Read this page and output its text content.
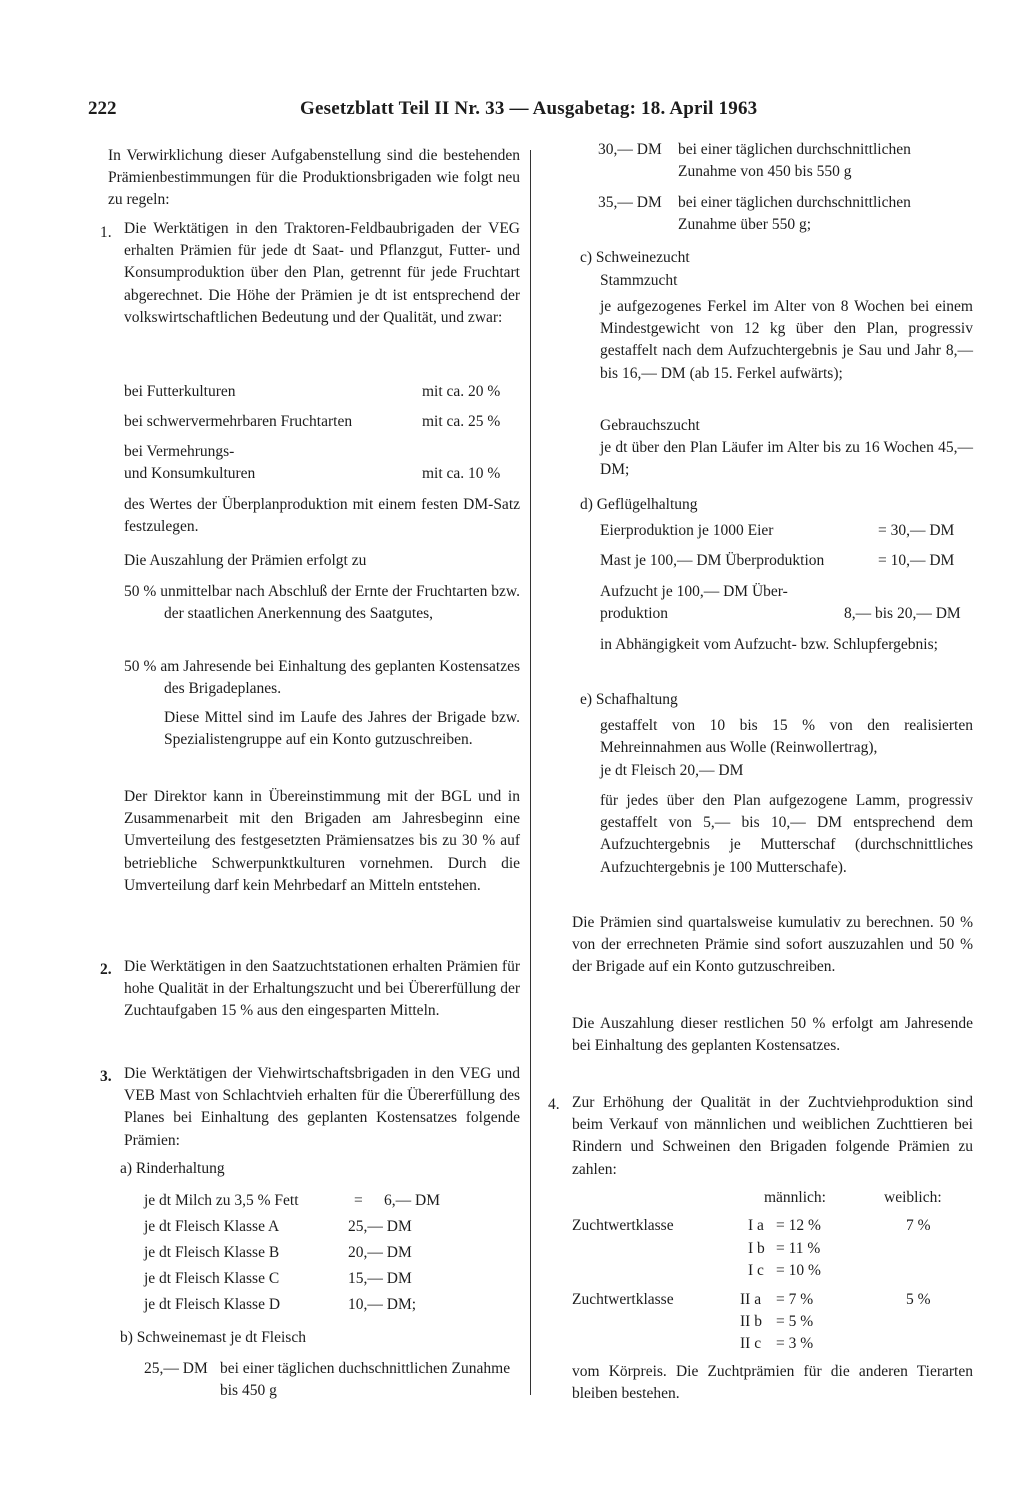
222	Gesetzblatt Teil II Nr. 33 — Ausgabetag: 18. April 1963
In Verwirklichung dieser Aufgabenstellung sind die bestehenden Prämienbestimmungen für die Produktionsbrigaden wie folgt neu zu regeln:
1. Die Werktätigen in den Traktoren-Feldbaubrigaden der VEG erhalten Prämien für jede dt Saat- und Pflanzgut, Futter- und Konsumproduktion über den Plan, getrennt für jede Fruchtart abgerechnet. Die Höhe der Prämien je dt ist entsprechend der volkswirtschaftlichen Bedeutung und der Qualität, und zwar:
bei Futterkulturen	mit ca. 20 %
bei schwervermehrbaren Fruchtarten	mit ca. 25 %
bei Vermehrungs-
und Konsumkulturen	mit ca. 10 %
des Wertes der Überplanproduktion mit einem festen DM-Satz festzulegen.
Die Auszahlung der Prämien erfolgt zu
50 % unmittelbar nach Abschluß der Ernte der Fruchtarten bzw. der staatlichen Anerkennung des Saatgutes,
50 % am Jahresende bei Einhaltung des geplanten Kostensatzes des Brigadeplanes.
Diese Mittel sind im Laufe des Jahres der Brigade bzw. Spezialistengruppe auf ein Konto gutzuschreiben.
Der Direktor kann in Übereinstimmung mit der BGL und in Zusammenarbeit mit den Brigaden am Jahresbeginn eine Umverteilung des festgesetzten Prämiensatzes bis zu 30 % auf betriebliche Schwerpunktkulturen vornehmen. Durch die Umverteilung darf kein Mehrbedarf an Mitteln entstehen.
2. Die Werktätigen in den Saatzuchtstationen erhalten Prämien für hohe Qualität in der Erhaltungszucht und bei Übererfüllung der Zuchtaufgaben 15 % aus den eingesparten Mitteln.
3. Die Werktätigen der Viehwirtschaftsbrigaden in den VEG und VEB Mast von Schlachtvieh erhalten für die Übererfüllung des Planes bei Einhaltung des geplanten Kostensatzes folgende Prämien:
a) Rinderhaltung
je dt Milch zu 3,5 % Fett	= 6,— DM
je dt Fleisch Klasse A	25,— DM
je dt Fleisch Klasse B	20,— DM
je dt Fleisch Klasse C	15,— DM
je dt Fleisch Klasse D	10,— DM;
b) Schweinemast je dt Fleisch
25,— DM bei einer täglichen duchschnittlichen Zunahme bis 450 g
30,— DM bei einer täglichen durchschnittlichen Zunahme von 450 bis 550 g
35,— DM bei einer täglichen durchschnittlichen Zunahme über 550 g;
c) Schweinezucht
Stammzucht
je aufgezogenes Ferkel im Alter von 8 Wochen bei einem Mindestgewicht von 12 kg über den Plan, progressiv gestaffelt nach dem Aufzuchtergebnis je Sau und Jahr 8,— bis 16,— DM (ab 15. Ferkel aufwärts);
Gebrauchszucht
je dt über den Plan Läufer im Alter bis zu 16 Wochen 45,— DM;
d) Geflügelhaltung
Eierproduktion je 1000 Eier	= 30,— DM
Mast je 100,— DM Überproduktion	= 10,— DM
Aufzucht je 100,— DM Über-
produktion	8,— bis 20,— DM
in Abhängigkeit vom Aufzucht- bzw. Schlupfergebnis;
e) Schafhaltung
gestaffelt von 10 bis 15 % von den realisierten Mehreinnahmen aus Wolle (Reinwollertrag),
je dt Fleisch 20,— DM
für jedes über den Plan aufgezogene Lamm, progressiv gestaffelt von 5,— bis 10,— DM entsprechend dem Aufzuchtergebnis je Mutterschaf (durchschnittliches Aufzuchtergebnis je 100 Mutterschafe).
Die Prämien sind quartalsweise kumulativ zu berechnen. 50 % von der errechneten Prämie sind sofort auszuzahlen und 50 % der Brigade auf ein Konto gutzuschreiben.
Die Auszahlung dieser restlichen 50 % erfolgt am Jahresende bei Einhaltung des geplanten Kostensatzes.
4. Zur Erhöhung der Qualität in der Zuchtviehproduktion sind beim Verkauf von männlichen und weiblichen Zuchttieren bei Rindern und Schweinen den Brigaden folgende Prämien zu zahlen:
männlich:	weiblich:
Zuchtwertklasse	I a = 12 %	7 %
I b = 11 %
I c = 10 %
Zuchtwertklasse	II a = 7 %	5 %
II b = 5 %
II c = 3 %
vom Körpreis. Die Zuchtprämien für die anderen Tierarten bleiben bestehen.
